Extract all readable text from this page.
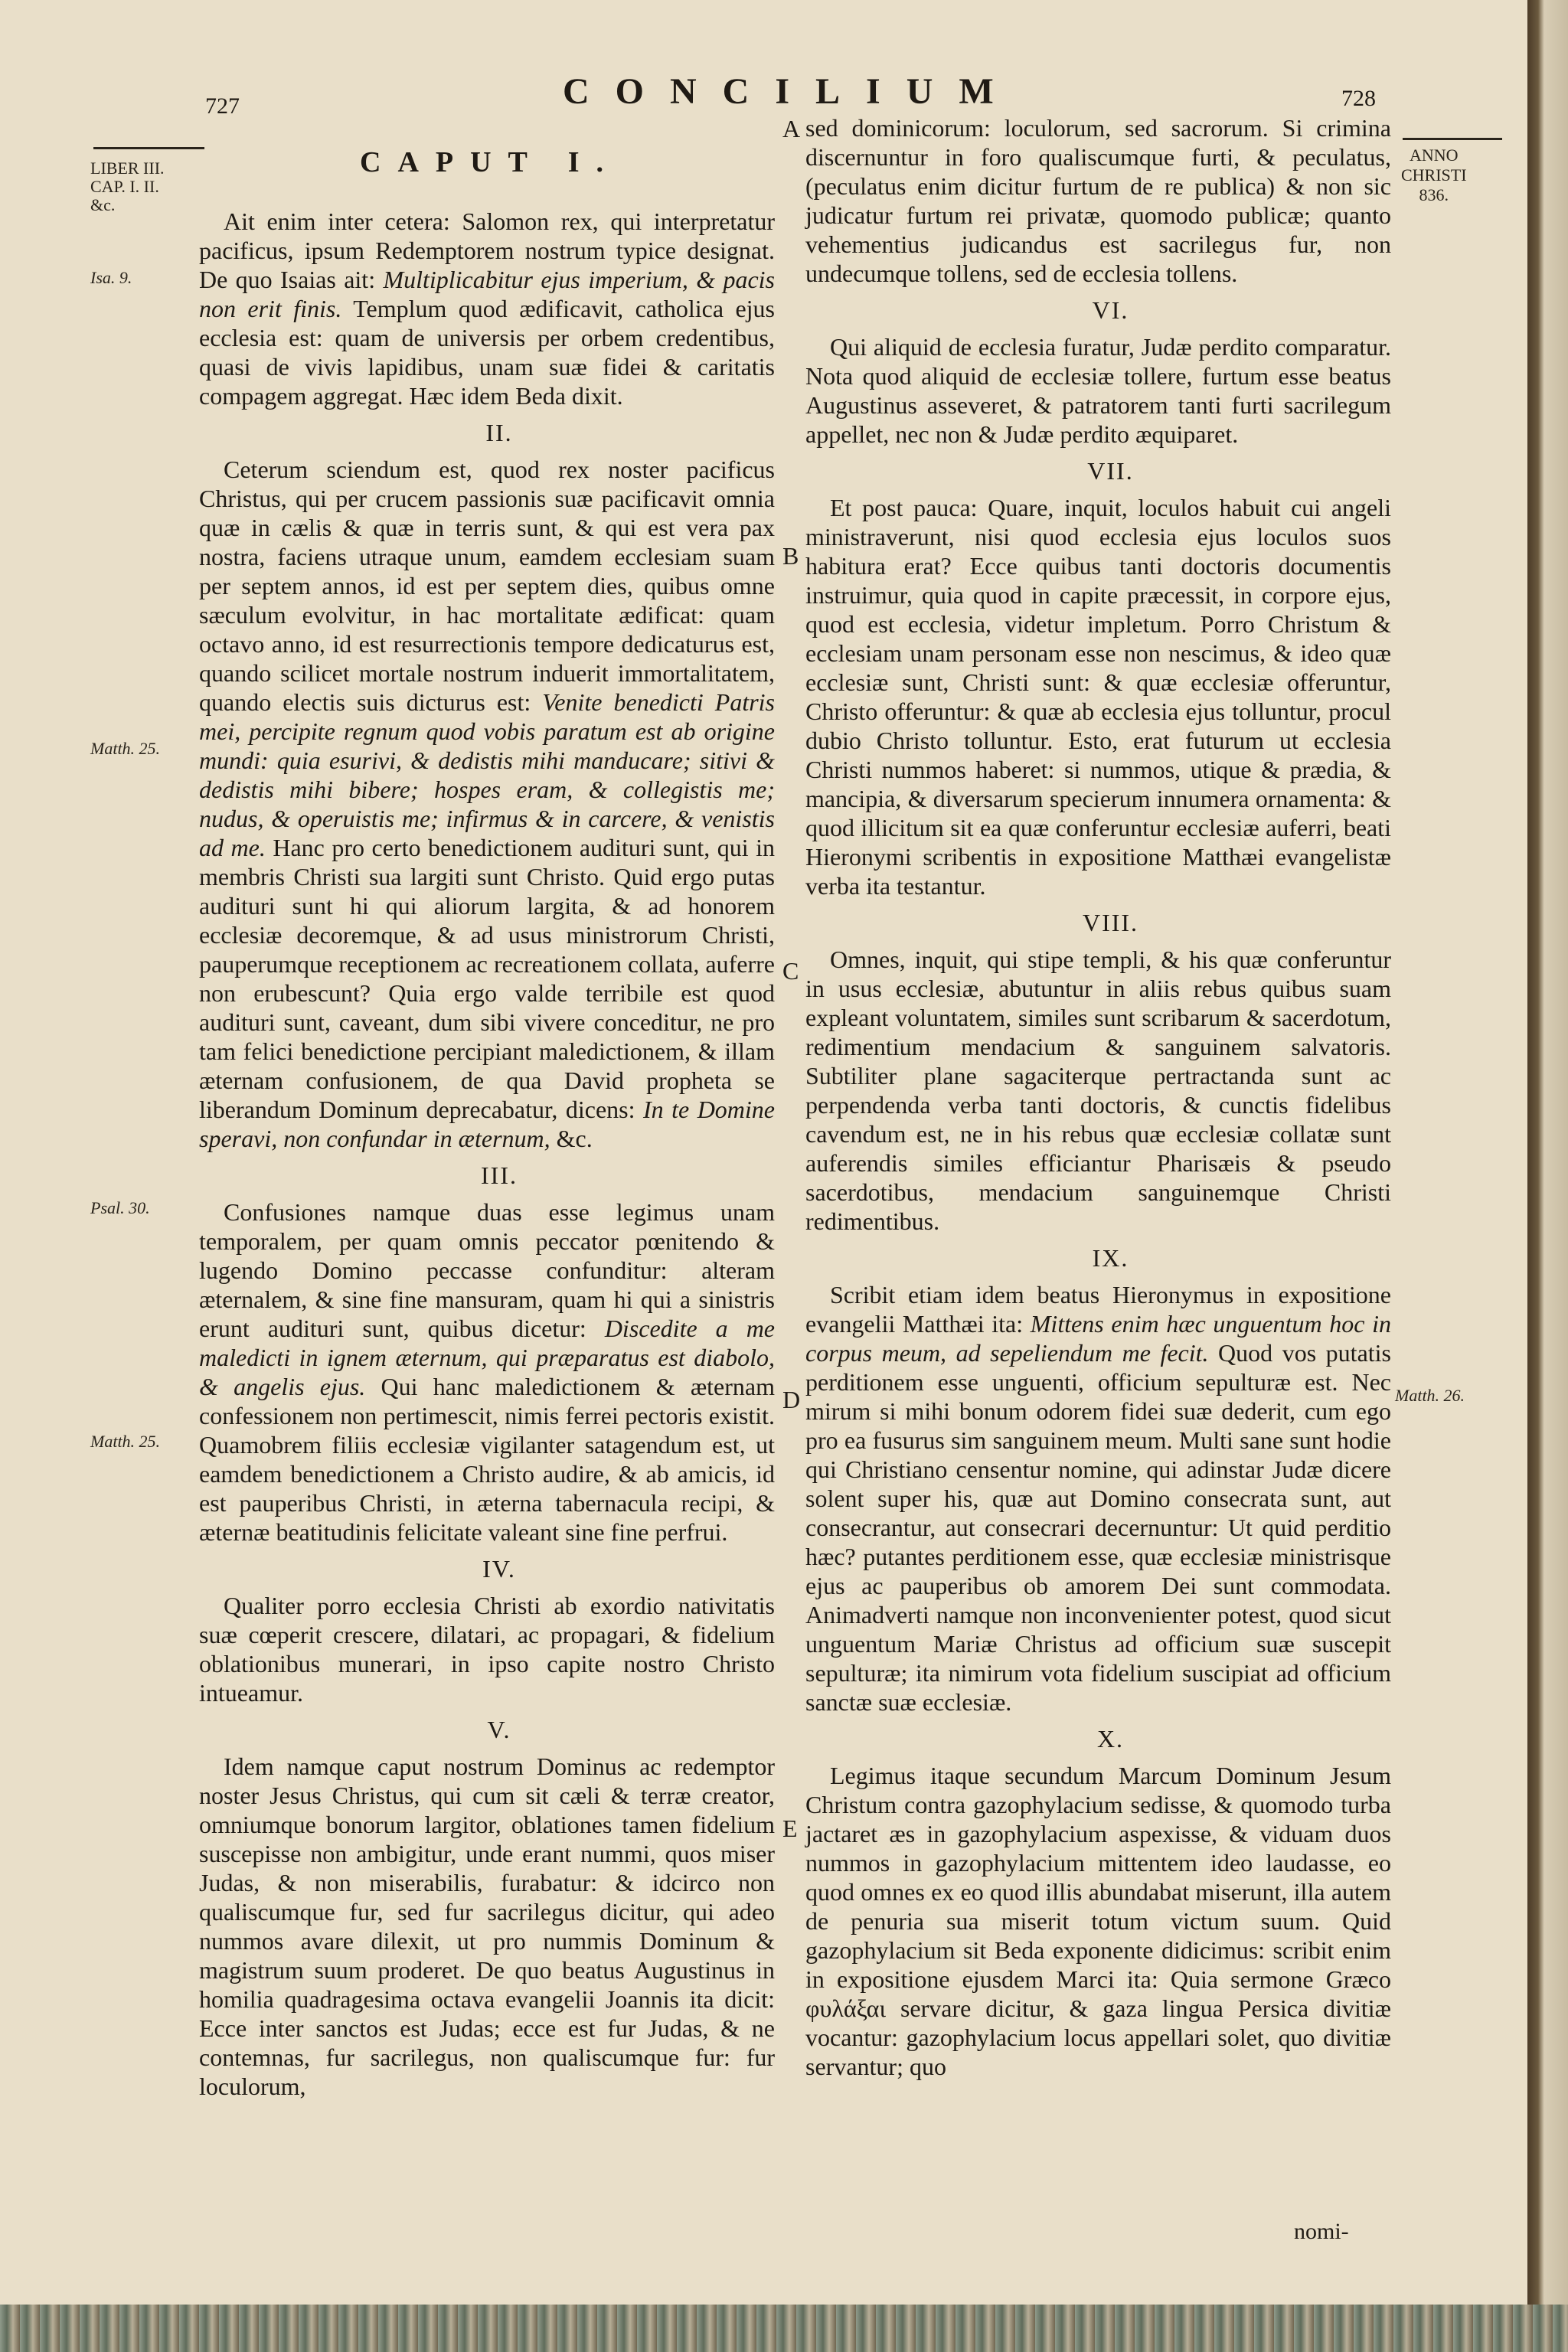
727	CONCILIUM	728
LIBER III.
CAP. I. II.
&c.
ANNO
CHRISTI
836.
Isa. 9.
Matth. 25.
Psal. 30.
Matth. 25.
Matth. 26.
A
B
C
D
E
CAPUT I.

Ait enim inter cetera: Salomon rex, qui interpretatur pacificus, ipsum Redemptorem nostrum typice designat. De quo Isaias ait: Multiplicabitur ejus imperium, & pacis non erit finis. Templum quod ædificavit, catholica ejus ecclesia est: quam de universis per orbem credentibus, quasi de vivis lapidibus, unam suæ fidei & caritatis compagem aggregat. Hæc idem Beda dixit.

II.

Ceterum sciendum est, quod rex noster pacificus Christus, qui per crucem passionis suæ pacificavit omnia quæ in cælis & quæ in terris sunt, & qui est vera pax nostra, faciens utraque unum, eamdem ecclesiam suam per septem annos, id est per septem dies, quibus omne sæculum evolvitur, in hac mortalitate ædificat: quam octavo anno, id est resurrectionis tempore dedicaturus est, quando scilicet mortale nostrum induerit immortalitatem, quando electis suis dicturus est: Venite benedicti Patris mei, percipite regnum quod vobis paratum est ab origine mundi: quia esurivi, & dedistis mihi manducare; sitivi & dedistis mihi bibere; hospes eram, & collegistis me; nudus, & operuistis me; infirmus & in carcere, & venistis ad me. Hanc pro certo benedictionem audituri sunt, qui in membris Christi sua largiti sunt Christo. Quid ergo putas audituri sunt hi qui aliorum largita, & ad honorem ecclesiæ decoremque, & ad usus ministrorum Christi, pauperumque receptionem ac recreationem collata, auferre non erubescunt? Quia ergo valde terribile est quod audituri sunt, caveant, dum sibi vivere conceditur, ne pro tam felici benedictione percipiant maledictionem, & illam æternam confusionem, de qua David propheta se liberandum Dominum deprecabatur, dicens: In te Domine speravi, non confundar in æternum, &c.

III.

Confusiones namque duas esse legimus unam temporalem, per quam omnis peccator pœnitendo & lugendo Domino peccasse confunditur: alteram æternalem, & sine fine mansuram, quam hi qui a sinistris erunt audituri sunt, quibus dicetur: Discedite a me maledicti in ignem æternum, qui præparatus est diabolo, & angelis ejus. Qui hanc maledictionem & æternam confessionem non pertimescit, nimis ferrei pectoris existit. Quamobrem filiis ecclesiæ vigilanter satagendum est, ut eamdem benedictionem a Christo audire, & ab amicis, id est pauperibus Christi, in æterna tabernacula recipi, & æternæ beatitudinis felicitate valeant sine fine perfrui.

IV.

Qualiter porro ecclesia Christi ab exordio nativitatis suæ cœperit crescere, dilatari, ac propagari, & fidelium oblationibus munerari, in ipso capite nostro Christo intueamur.

V.

Idem namque caput nostrum Dominus ac redemptor noster Jesus Christus, qui cum sit cæli & terræ creator, omniumque bonorum largitor, oblationes tamen fidelium suscepisse non ambigitur, unde erant nummi, quos miser Judas, & non miserabilis, furabatur: & idcirco non qualiscumque fur, sed fur sacrilegus dicitur, qui adeo nummos avare dilexit, ut pro nummis Dominum & magistrum suum proderet. De quo beatus Augustinus in homilia quadragesima octava evangelii Joannis ita dicit: Ecce inter sanctos est Judas; ecce est fur Judas, & ne contemnas, fur sacrilegus, non qualiscumque fur: fur loculorum,

sed dominicorum: loculorum, sed sacrorum. Si crimina discernuntur in foro qualiscumque furti, & peculatus, (peculatus enim dicitur furtum de re publica) & non sic judicatur furtum rei privatæ, quomodo publicæ; quanto vehementius judicandus est sacrilegus fur, non undecumque tollens, sed de ecclesia tollens.

VI.

Qui aliquid de ecclesia furatur, Judæ perdito comparatur. Nota quod aliquid de ecclesiæ tollere, furtum esse beatus Augustinus asseveret, & patratorem tanti furti sacrilegum appellet, nec non & Judæ perdito æquiparet.

VII.

Et post pauca: Quare, inquit, loculos habuit cui angeli ministraverunt, nisi quod ecclesia ejus loculos suos habitura erat? Ecce quibus tanti doctoris documentis instruimur, quia quod in capite præcessit, in corpore ejus, quod est ecclesia, videtur impletum. Porro Christum & ecclesiam unam personam esse non nescimus, & ideo quæ ecclesiæ sunt, Christi sunt: & quæ ecclesiæ offeruntur, Christo offeruntur: & quæ ab ecclesia ejus tolluntur, procul dubio Christo tolluntur. Esto, erat futurum ut ecclesia Christi nummos haberet: si nummos, utique & prædia, & mancipia, & diversarum specierum innumera ornamenta: & quod illicitum sit ea quæ conferuntur ecclesiæ auferri, beati Hieronymi scribentis in expositione Matthæi evangelistæ verba ita testantur.

VIII.

Omnes, inquit, qui stipe templi, & his quæ conferuntur in usus ecclesiæ, abutuntur in aliis rebus quibus suam expleant voluntatem, similes sunt scribarum & sacerdotum, redimentium mendacium & sanguinem salvatoris. Subtiliter plane sagaciterque pertractanda sunt ac perpendenda verba tanti doctoris, & cunctis fidelibus cavendum est, ne in his rebus quæ ecclesiæ collatæ sunt auferendis similes efficiantur Pharisæis & pseudo sacerdotibus, mendacium sanguinemque Christi redimentibus.

IX.

Scribit etiam idem beatus Hieronymus in expositione evangelii Matthæi ita: Mittens enim hæc unguentum hoc in corpus meum, ad sepeliendum me fecit. Quod vos putatis perditionem esse unguenti, officium sepulturæ est. Nec mirum si mihi bonum odorem fidei suæ dederit, cum ego pro ea fusurus sim sanguinem meum. Multi sane sunt hodie qui Christiano censentur nomine, qui adinstar Judæ dicere solent super his, quæ aut Domino consecrata sunt, aut consecrantur, aut consecrari decernuntur: Ut quid perditio hæc? putantes perditionem esse, quæ ecclesiæ ministrisque ejus ac pauperibus ob amorem Dei sunt commodata. Animadverti namque non inconvenienter potest, quod sicut unguentum Mariæ Christus ad officium suæ suscepit sepulturæ; ita nimirum vota fidelium suscipiat ad officium sanctæ suæ ecclesiæ.

X.

Legimus itaque secundum Marcum Dominum Jesum Christum contra gazophylacium sedisse, & quomodo turba jactaret æs in gazophylacium aspexisse, & viduam duos nummos in gazophylacium mittentem ideo laudasse, eo quod omnes ex eo quod illis abundabat miserunt, illa autem de penuria sua miserit totum victum suum. Quid gazophylacium sit Beda exponente didicimus: scribit enim in expositione ejusdem Marci ita: Quia sermone Græco φυλάξαι servare dicitur, & gaza lingua Persica divitiæ vocantur: gazophylacium locus appellari solet, quo divitiæ servantur; quo

nomi-
